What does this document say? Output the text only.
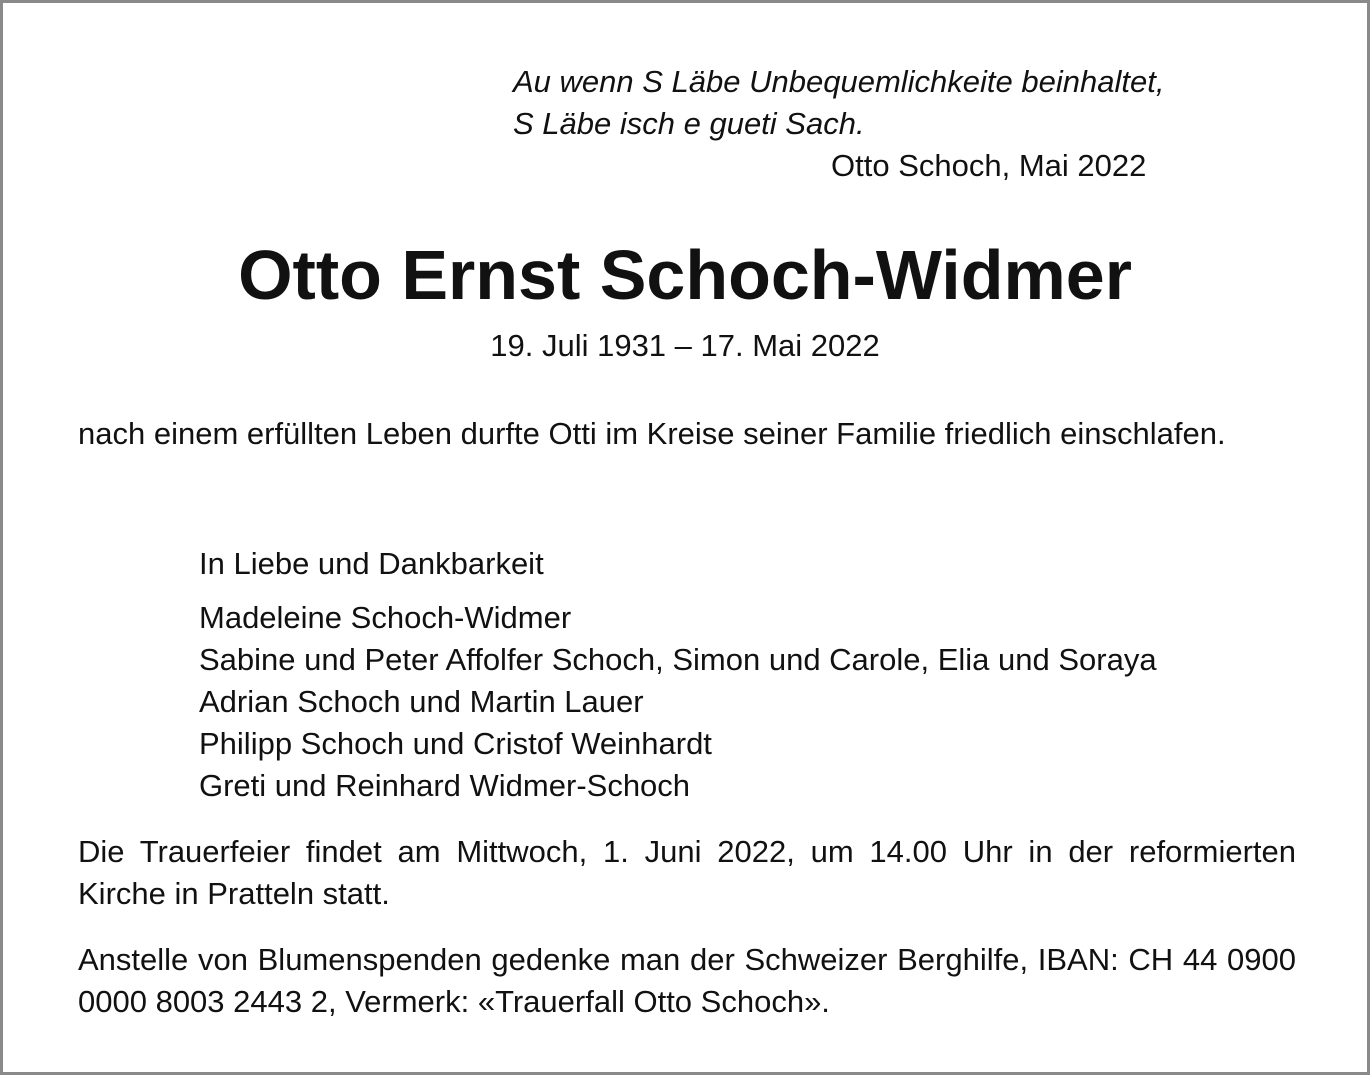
Au wenn S Läbe Unbequemlichkeite beinhaltet,
S Läbe isch e gueti Sach.
Otto Schoch, Mai 2022
Otto Ernst Schoch-Widmer
19. Juli 1931 – 17. Mai 2022

nach einem erfüllten Leben durfte Otti im Kreise seiner Familie friedlich einschlafen.

In Liebe und Dankbarkeit
Madeleine Schoch-Widmer
Sabine und Peter Affolfer Schoch, Simon und Carole, Elia und Soraya
Adrian Schoch und Martin Lauer
Philipp Schoch und Cristof Weinhardt
Greti und Reinhard Widmer-Schoch

Die Trauerfeier findet am Mittwoch, 1. Juni 2022, um 14.00 Uhr in der reformierten Kirche in Pratteln statt.

Anstelle von Blumenspenden gedenke man der Schweizer Berghilfe, IBAN: CH 44 0900 0000 8003 2443 2, Vermerk: «Trauerfall Otto Schoch».
